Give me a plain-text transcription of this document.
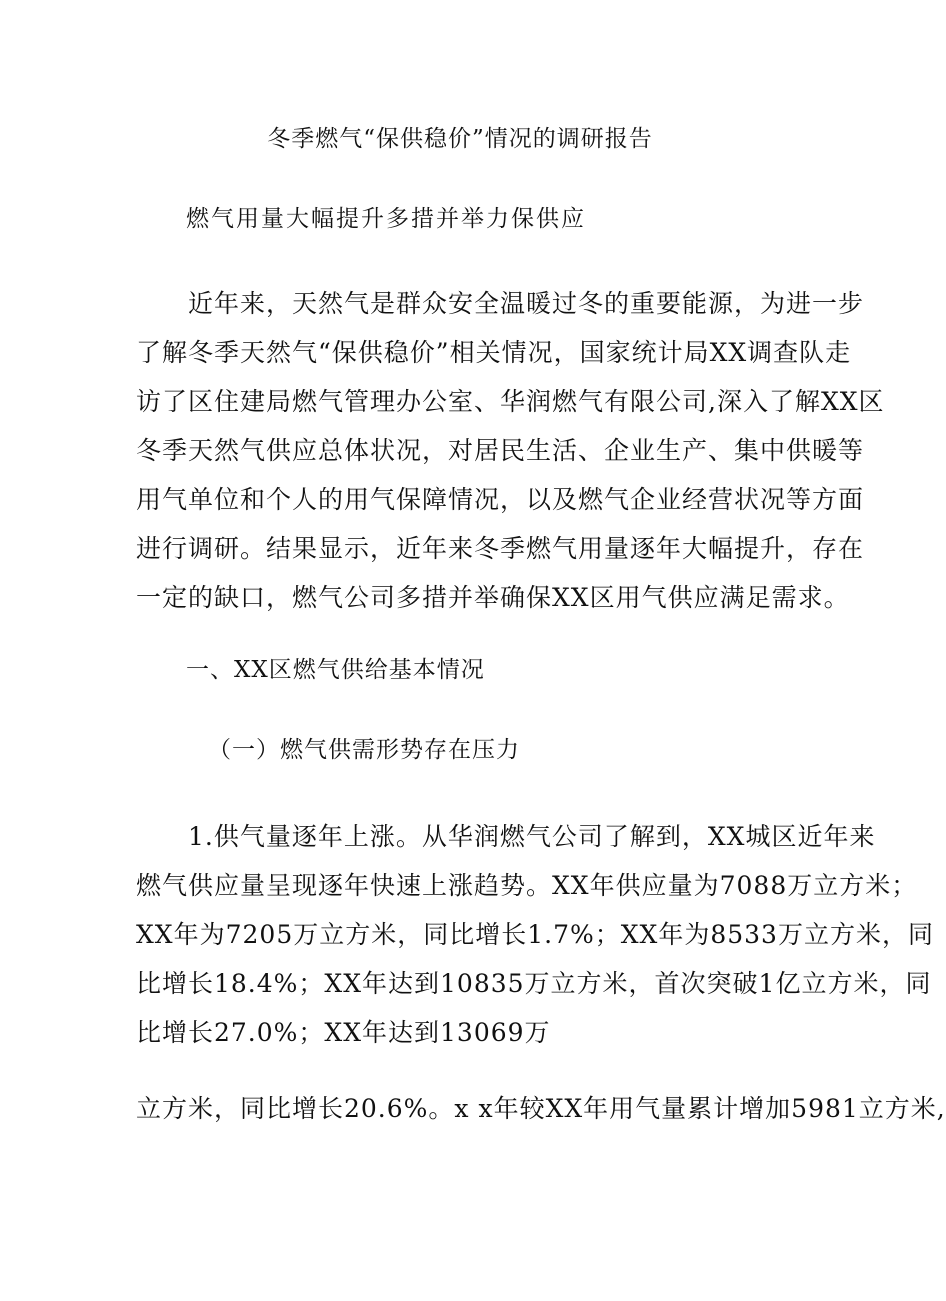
冬季燃气“保供稳价”情况的调研报告
燃气用量大幅提升多措并举力保供应
　　近年来，天然气是群众安全温暖过冬的重要能源，为进一步
了解冬季天然气“保供稳价”相关情况，国家统计局XX调查队走
访了区住建局燃气管理办公室、华润燃气有限公司,深入了解XX区
冬季天然气供应总体状况，对居民生活、企业生产、集中供暖等
用气单位和个人的用气保障情况，以及燃气企业经营状况等方面
进行调研。结果显示，近年来冬季燃气用量逐年大幅提升，存在
一定的缺口，燃气公司多措并举确保XX区用气供应满足需求。
一、XX区燃气供给基本情况
（一）燃气供需形势存在压力
　　1.供气量逐年上涨。从华润燃气公司了解到，XX城区近年来
燃气供应量呈现逐年快速上涨趋势。XX年供应量为7088万立方米；
XX年为7205万立方米，同比增长1.7%；XX年为8533万立方米，同
比增长18.4%；XX年达到10835万立方米，首次突破1亿立方米，同
比增长27.0%；XX年达到13069万
立方米，同比增长20.6%。x x年较XX年用气量累计增加5981立方米,
